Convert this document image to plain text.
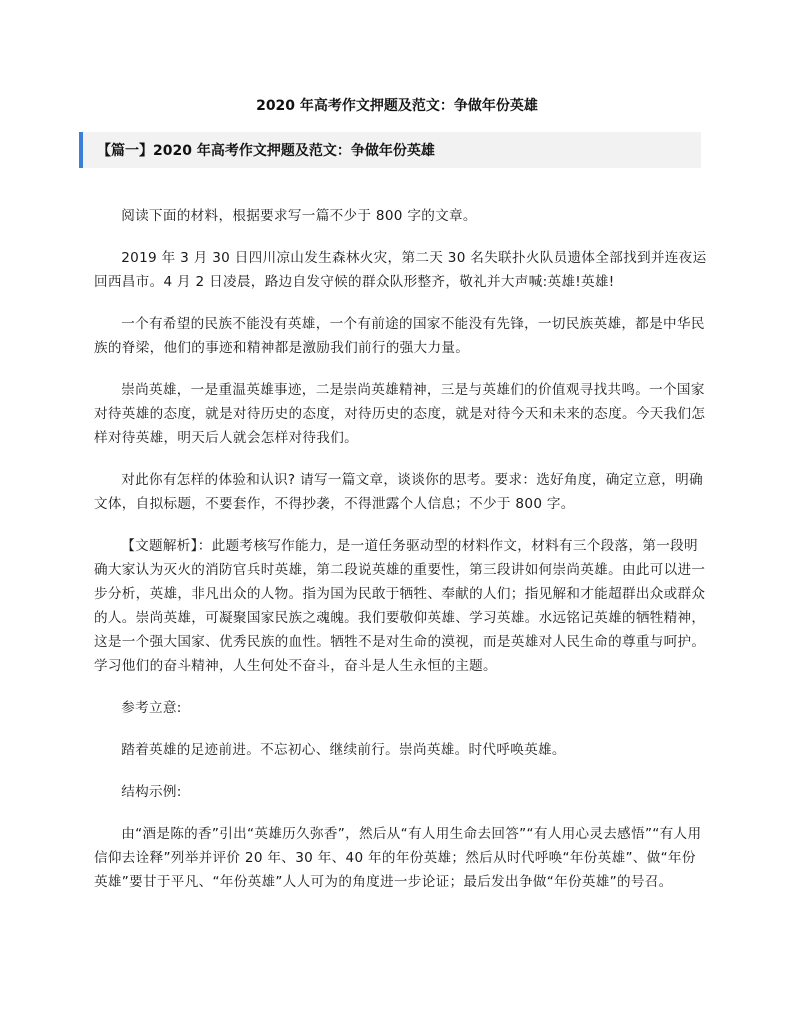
2020 年高考作文押题及范文：争做年份英雄
【篇一】2020 年高考作文押题及范文：争做年份英雄

阅读下面的材料，根据要求写一篇不少于 800 字的文章。

2019 年 3 月 30 日四川凉山发生森林火灾，第二天 30 名失联扑火队员遗体全部找到并连夜运回西昌市。4 月 2 日凌晨，路边自发守候的群众队形整齐，敬礼并大声喊:英雄!英雄!

一个有希望的民族不能没有英雄，一个有前途的国家不能没有先锋，一切民族英雄，都是中华民族的脊梁，他们的事迹和精神都是激励我们前行的强大力量。

崇尚英雄，一是重温英雄事迹，二是崇尚英雄精神，三是与英雄们的价值观寻找共鸣。一个国家对待英雄的态度，就是对待历史的态度，对待历史的态度，就是对待今天和未来的态度。今天我们怎样对待英雄，明天后人就会怎样对待我们。

对此你有怎样的体验和认识? 请写一篇文章，谈谈你的思考。要求：选好角度，确定立意，明确文体，自拟标题，不要套作，不得抄袭，不得泄露个人信息；不少于 800 字。

【文题解析】：此题考核写作能力，是一道任务驱动型的材料作文，材料有三个段落，第一段明确大家认为灭火的消防官兵时英雄，第二段说英雄的重要性，第三段讲如何崇尚英雄。由此可以进一步分析，英雄，非凡出众的人物。指为国为民敢于牺牲、奉献的人们；指见解和才能超群出众或群众的人。崇尚英雄，可凝聚国家民族之魂魄。我们要敬仰英雄、学习英雄。水远铭记英雄的牺牲精神，这是一个强大国家、优秀民族的血性。牺牲不是对生命的漠视，而是英雄对人民生命的尊重与呵护。学习他们的奋斗精神，人生何处不奋斗，奋斗是人生永恒的主题。

参考立意:

踏着英雄的足迹前进。不忘初心、继续前行。崇尚英雄。时代呼唤英雄。

结构示例:

由“酒是陈的香”引出“英雄历久弥香”，然后从“有人用生命去回答”“有人用心灵去感悟”“有人用信仰去诠释”列举并评价 20 年、30 年、40 年的年份英雄；然后从时代呼唤“年份英雄”、做“年份英雄”要甘于平凡、“年份英雄”人人可为的角度进一步论证；最后发出争做“年份英雄”的号召。
